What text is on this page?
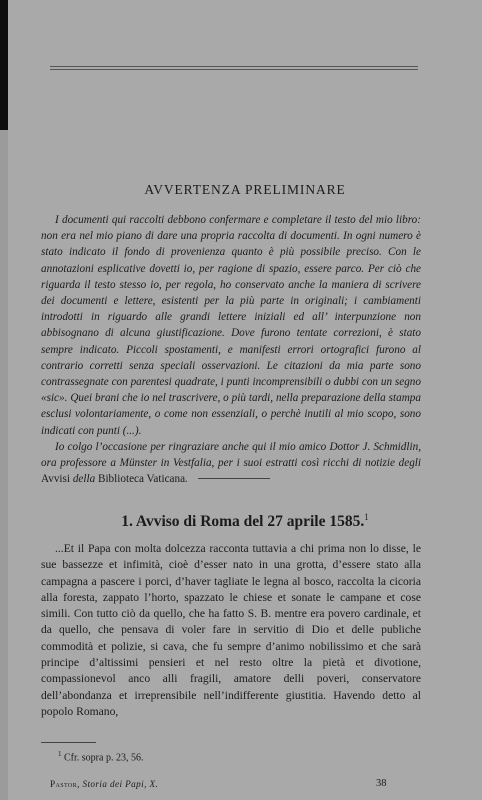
AVVERTENZA PRELIMINARE

I documenti qui raccolti debbono confermare e completare il testo del mio libro: non era nel mio piano di dare una propria raccolta di documenti. In ogni numero è stato indicato il fondo di provenienza quanto è più possibile preciso. Con le annotazioni esplicative dovetti io, per ragione di spazio, essere parco. Per ciò che riguarda il testo stesso io, per regola, ho conservato anche la maniera di scrivere dei documenti e lettere, esistenti per la più parte in originali; i cambiamenti introdotti in riguardo alle grandi lettere iniziali ed all’ interpunzione non abbisognano di alcuna giustificazione. Dove furono tentate correzioni, è stato sempre indicato. Piccoli spostamenti, e manifesti errori ortografici furono al contrario corretti senza speciali osservazioni. Le citazioni da mia parte sono contrassegnate con parentesi quadrate, i punti incomprensibili o dubbi con un segno «sic». Quei brani che io nel trascrivere, o più tardi, nella preparazione della stampa esclusi volontariamente, o come non essenziali, o perchè inutili al mio scopo, sono indicati con punti (...).

Io colgo l’occasione per ringraziare anche qui il mio amico Dottor J. Schmidlin, ora professore a Münster in Vestfalia, per i suoi estratti così ricchi di notizie degli Avvisi della Biblioteca Vaticana.

1. Avviso di Roma del 27 aprile 1585.$^1$

...Et il Papa con molta dolcezza racconta tuttavia a chi prima non lo disse, le sue bassezze et infimità, cioè d’esser nato in una grotta, d’essere stato alla campagna a pascere i porci, d’haver tagliate le legna al bosco, raccolta la cicoria alla foresta, zappato l’horto, spazzato le chiese et sonate le campane et cose simili. Con tutto ciò da quello, che ha fatto S. B. mentre era povero cardinale, et da quello, che pensava di voler fare in servitio di Dio et delle publiche commodità et polizie, si cava, che fu sempre d’animo nobilissimo et che sarà principe d’altissimi pensieri et nel resto oltre la pietà et divotione, compassionevol anco alli fragili, amatore delli poveri, conservatore dell’abondanza et irreprensibile nell’indifferente giustitia. Havendo detto al popolo Romano,

$^1$ Cfr. sopra p. 23, 56.
Pastor, Storia dei Papi, X.	38
